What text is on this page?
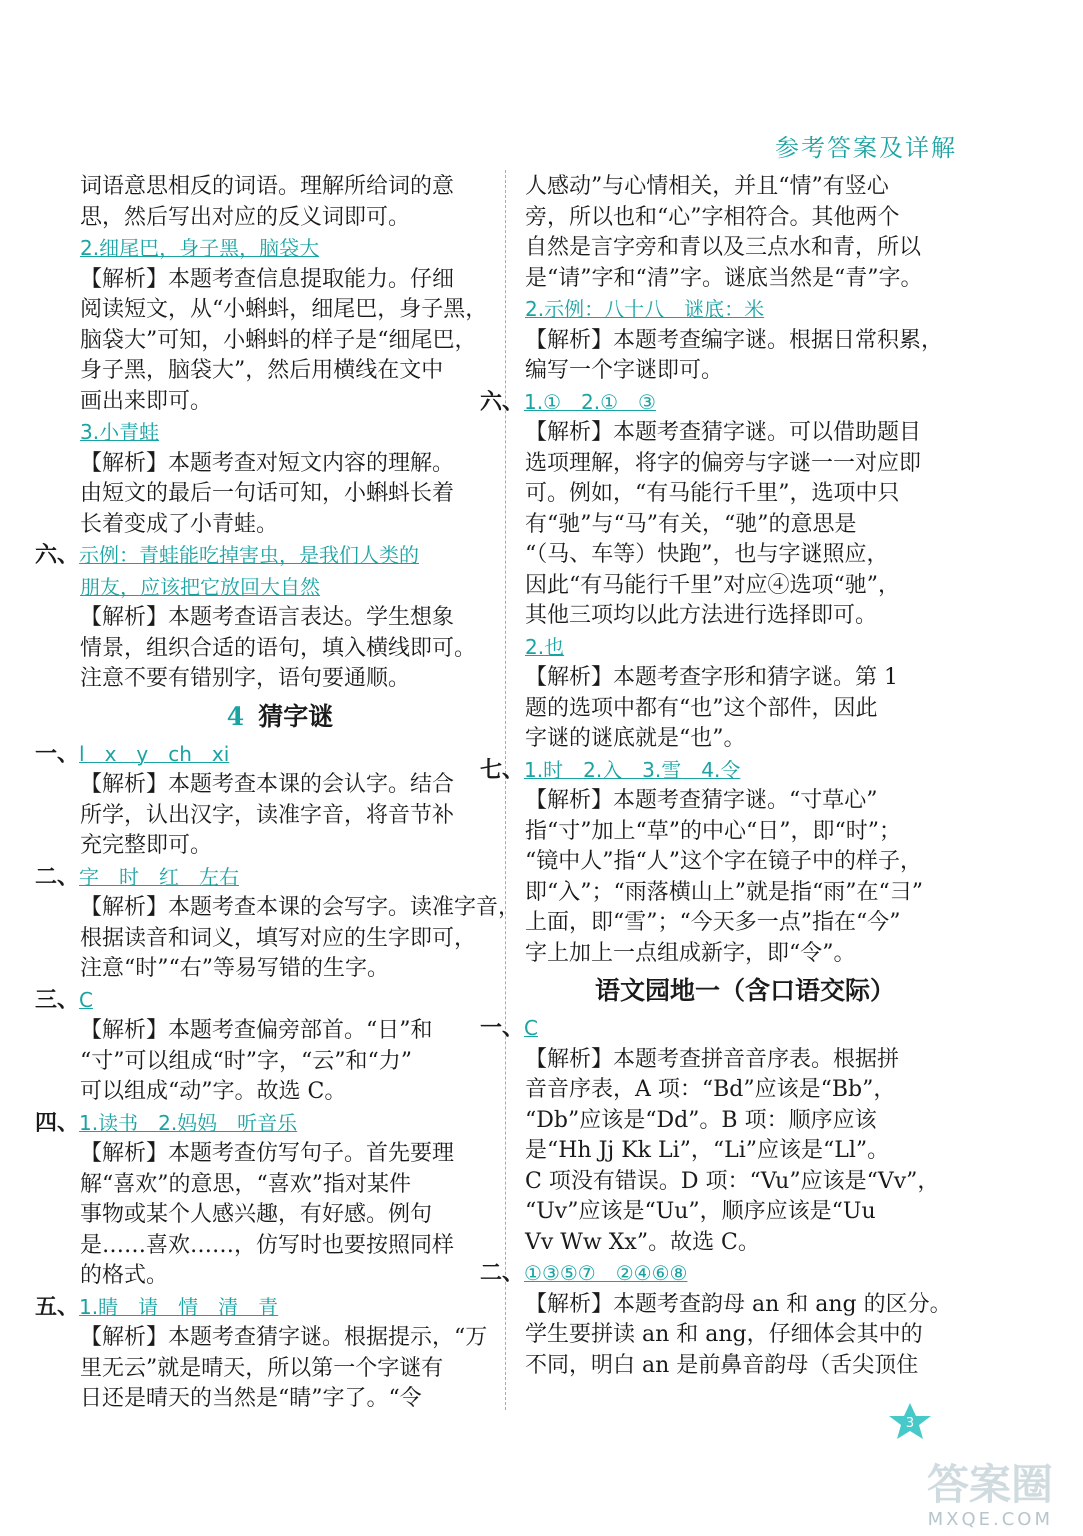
参考答案及详解
词语意思相反的词语。理解所给词的意
思，然后写出对应的反义词即可。
2.细尾巴，身子黑，脑袋大
【解析】本题考查信息提取能力。仔细
阅读短文，从“小蝌蚪，细尾巴，身子黑，
脑袋大”可知，小蝌蚪的样子是“细尾巴，
身子黑，脑袋大”，然后用横线在文中
画出来即可。
3.小青蛙
【解析】本题考查对短文内容的理解。
由短文的最后一句话可知，小蝌蚪长着
长着变成了小青蛙。
六、示例：青蛙能吃掉害虫，是我们人类的
朋友，应该把它放回大自然
【解析】本题考查语言表达。学生想象
情景，组织合适的语句，填入横线即可。
注意不要有错别字，语句要通顺。
4 猜字谜
一、l　x　y　ch　xi
【解析】本题考查本课的会认字。结合
所学，认出汉字，读准字音，将音节补
充完整即可。
二、字　时　红　左右
【解析】本题考查本课的会写字。读准字音，
根据读音和词义，填写对应的生字即可，
注意“时”“右”等易写错的生字。
三、C
【解析】本题考查偏旁部首。“日”和
“寸”可以组成“时”字，“云”和“力”
可以组成“动”字。故选 C。
四、1.读书　2.妈妈　听音乐
【解析】本题考查仿写句子。首先要理
解“喜欢”的意思，“喜欢”指对某件
事物或某个人感兴趣，有好感。例句
是……喜欢……，仿写时也要按照同样
的格式。
五、1.睛　请　情　清　青
【解析】本题考查猜字谜。根据提示，“万
里无云”就是晴天，所以第一个字谜有
日还是晴天的当然是“睛”字了。“令
人感动”与心情相关，并且“情”有竖心
旁，所以也和“心”字相符合。其他两个
自然是言字旁和青以及三点水和青，所以
是“请”字和“清”字。谜底当然是“青”字。
2.示例：八十八　谜底：米
【解析】本题考查编字谜。根据日常积累，
编写一个字谜即可。
六、1.①　2.①　③
【解析】本题考查猜字谜。可以借助题目
选项理解，将字的偏旁与字谜一一对应即
可。例如，“有马能行千里”，选项中只
有“驰”与“马”有关，“驰”的意思是
“（马、车等）快跑”，也与字谜照应，
因此“有马能行千里”对应④选项“驰”，
其他三项均以此方法进行选择即可。
2.也
【解析】本题考查字形和猜字谜。第 1
题的选项中都有“也”这个部件，因此
字谜的谜底就是“也”。
七、1.时　2.入　3.雪　4.令
【解析】本题考查猜字谜。“寸草心”
指“寸”加上“草”的中心“日”，即“时”；
“镜中人”指“人”这个字在镜子中的样子，
即“入”；“雨落横山上”就是指“雨”在“彐”
上面，即“雪”；“今天多一点”指在“今”
字上加上一点组成新字，即“令”。
语文园地一（含口语交际）
一、C
【解析】本题考查拼音音序表。根据拼
音音序表，A 项：“Bd”应该是“Bb”，
“Db”应该是“Dd”。B 项：顺序应该
是“Hh Jj Kk Li”，“Li”应该是“Ll”。
C 项没有错误。D 项：“Vu”应该是“Vv”，
“Uv”应该是“Uu”，顺序应该是“Uu
Vv Ww Xx”。故选 C。
二、①③⑤⑦　②④⑥⑧
【解析】本题考查韵母 an 和 ang 的区分。
学生要拼读 an 和 ang，仔细体会其中的
不同，明白 an 是前鼻音韵母（舌尖顶住
3
答案圈
MXQE.COM
